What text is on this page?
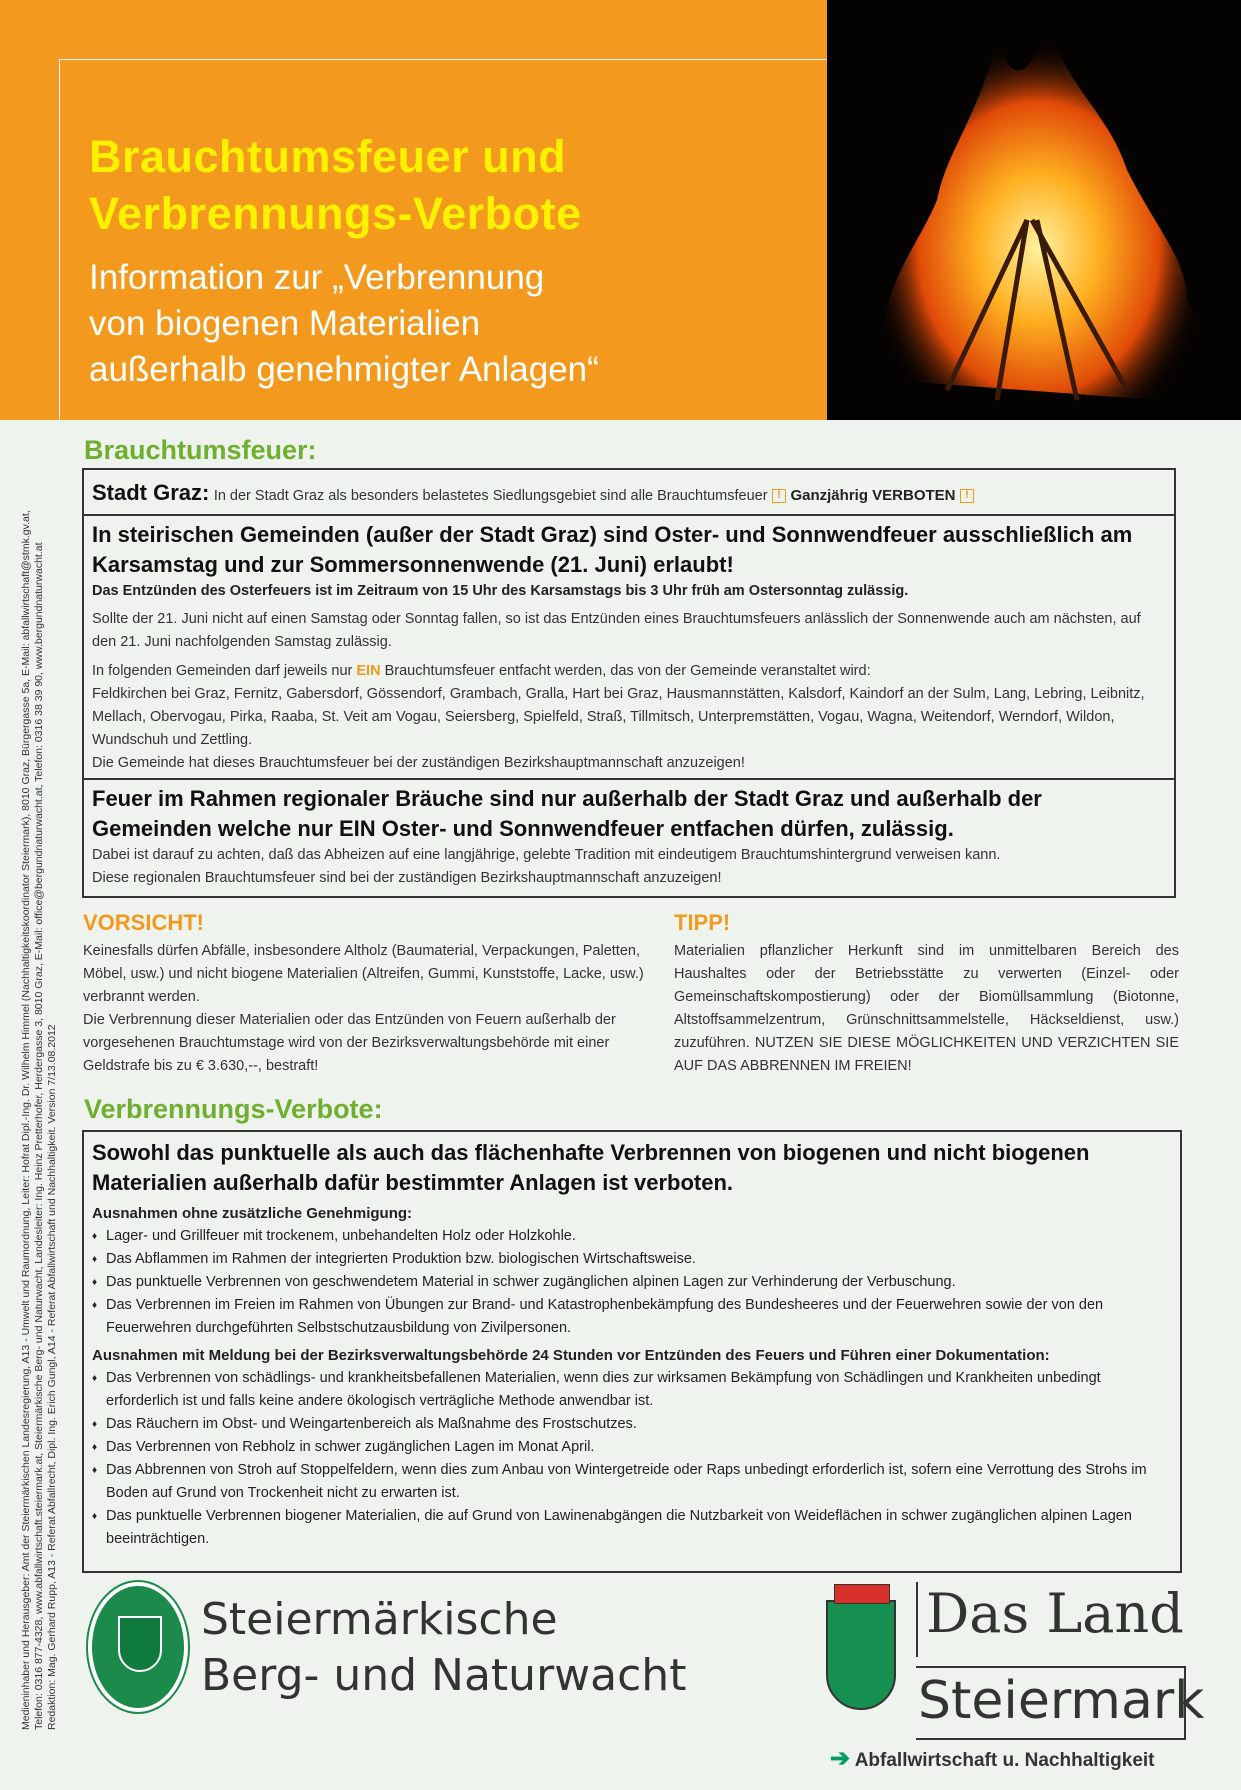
Brauchtumsfeuer und
Verbrennungs-Verbote
Information zur „Verbrennung
von biogenen Materialien
außerhalb genehmigter Anlagen“
Medieninhaber und Herausgeber: Amt der Steiermärkischen Landesregierung, A13 - Umwelt und Raumordnung, Leiter: Hofrat Dipl.-Ing. Dr. Wilhelm Himmel (Nachhaltigkeitskoordinator Steiermark), 8010 Graz, Bürgergasse 5a, E-Mail: abfallwirtschaft@stmk.gv.at, Telefon: 0316 877-4328, www.abfallwirtschaft.steiermark.at, Steiermärkische Berg- und Naturwacht, Landesleiter: Ing. Heinz Pretterhofer, Herdergasse 3, 8010 Graz, E-Mail: office@bergundnaturwacht.at, Telefon: 0316 38 39 90, www.bergundnaturwacht.at Redaktion: Mag. Gerhard Rupp, A13 - Referat Abfallrecht, Dipl. Ing. Erich Gungl, A14 - Referat Abfallwirtschaft und Nachhaltigkeit. Version 7/13.08.2012
Brauchtumsfeuer:
Stadt Graz: In der Stadt Graz als besonders belastetes Siedlungsgebiet sind alle Brauchtumsfeuer ! Ganzjährig VERBOTEN !
In steirischen Gemeinden (außer der Stadt Graz) sind Oster- und Sonnwendfeuer ausschließlich am Karsamstag und zur Sommersonnenwende (21. Juni) erlaubt!
Das Entzünden des Osterfeuers ist im Zeitraum von 15 Uhr des Karsamstags bis 3 Uhr früh am Ostersonntag zulässig.
Sollte der 21. Juni nicht auf einen Samstag oder Sonntag fallen, so ist das Entzünden eines Brauchtumsfeuers anlässlich der Sonnenwende auch am nächsten, auf den 21. Juni nachfolgenden Samstag zulässig.
In folgenden Gemeinden darf jeweils nur EIN Brauchtumsfeuer entfacht werden, das von der Gemeinde veranstaltet wird:
Feldkirchen bei Graz, Fernitz, Gabersdorf, Gössendorf, Grambach, Gralla, Hart bei Graz, Hausmannstätten, Kalsdorf, Kaindorf an der Sulm, Lang, Lebring, Leibnitz, Mellach, Obervogau, Pirka, Raaba, St. Veit am Vogau, Seiersberg, Spielfeld, Straß, Tillmitsch, Unterpremstätten, Vogau, Wagna, Weitendorf, Werndorf, Wildon, Wundschuh und Zettling.
Die Gemeinde hat dieses Brauchtumsfeuer bei der zuständigen Bezirkshauptmannschaft anzuzeigen!
Feuer im Rahmen regionaler Bräuche sind nur außerhalb der Stadt Graz und außerhalb der Gemeinden welche nur EIN Oster- und Sonnwendfeuer entfachen dürfen, zulässig.
Dabei ist darauf zu achten, daß das Abheizen auf eine langjährige, gelebte Tradition mit eindeutigem Brauchtumshintergrund verweisen kann.
Diese regionalen Brauchtumsfeuer sind bei der zuständigen Bezirkshauptmannschaft anzuzeigen!
VORSICHT!
Keinesfalls dürfen Abfälle, insbesondere Altholz (Baumaterial, Verpackungen, Paletten, Möbel, usw.) und nicht biogene Materialien (Altreifen, Gummi, Kunststoffe, Lacke, usw.) verbrannt werden.
Die Verbrennung dieser Materialien oder das Entzünden von Feuern außerhalb der vorgesehenen Brauchtumstage wird von der Bezirksverwaltungsbehörde mit einer Geldstrafe bis zu € 3.630,--, bestraft!
TIPP!
Materialien pflanzlicher Herkunft sind im unmittelbaren Bereich des Haushaltes oder der Betriebsstätte zu verwerten (Einzel- oder Gemeinschaftskompostierung) oder der Biomüllsammlung (Biotonne, Altstoffsammelzentrum, Grünschnittsammelstelle, Häckseldienst, usw.) zuzuführen. NUTZEN SIE DIESE MÖGLICHKEITEN UND VERZICHTEN SIE AUF DAS ABBRENNEN IM FREIEN!
Verbrennungs-Verbote:
Sowohl das punktuelle als auch das flächenhafte Verbrennen von biogenen und nicht biogenen Materialien außerhalb dafür bestimmter Anlagen ist verboten.
Ausnahmen ohne zusätzliche Genehmigung:
♦ Lager- und Grillfeuer mit trockenem, unbehandelten Holz oder Holzkohle.
♦ Das Abflammen im Rahmen der integrierten Produktion bzw. biologischen Wirtschaftsweise.
♦ Das punktuelle Verbrennen von geschwendetem Material in schwer zugänglichen alpinen Lagen zur Verhinderung der Verbuschung.
♦ Das Verbrennen im Freien im Rahmen von Übungen zur Brand- und Katastrophenbekämpfung des Bundesheeres und der Feuerwehren sowie der von den Feuerwehren durchgeführten Selbstschutzausbildung von Zivilpersonen.
Ausnahmen mit Meldung bei der Bezirksverwaltungsbehörde 24 Stunden vor Entzünden des Feuers und Führen einer Dokumentation:
♦ Das Verbrennen von schädlings- und krankheitsbefallenen Materialien, wenn dies zur wirksamen Bekämpfung von Schädlingen und Krankheiten unbedingt erforderlich ist und falls keine andere ökologisch verträgliche Methode anwendbar ist.
♦ Das Räuchern im Obst- und Weingartenbereich als Maßnahme des Frostschutzes.
♦ Das Verbrennen von Rebholz in schwer zugänglichen Lagen im Monat April.
♦ Das Abbrennen von Stroh auf Stoppelfeldern, wenn dies zum Anbau von Wintergetreide oder Raps unbedingt erforderlich ist, sofern eine Verrottung des Strohs im Boden auf Grund von Trockenheit nicht zu erwarten ist.
♦ Das punktuelle Verbrennen biogener Materialien, die auf Grund von Lawinenabgängen die Nutzbarkeit von Weideflächen in schwer zugänglichen alpinen Lagen beeinträchtigen.
Steiermärkische
Berg- und Naturwacht
Das Land
Steiermark
➔ Abfallwirtschaft u. Nachhaltigkeit
